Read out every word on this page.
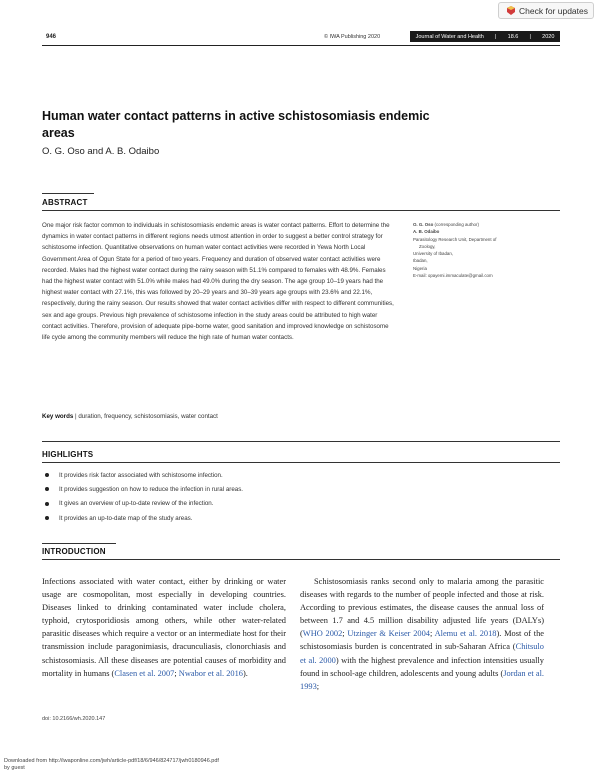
Check for updates
946	© IWA Publishing 2020	Journal of Water and Health | 18.6 | 2020
Human water contact patterns in active schistosomiasis endemic areas
O. G. Oso and A. B. Odaibo
ABSTRACT
One major risk factor common to individuals in schistosomiasis endemic areas is water contact patterns. Effort to determine the dynamics in water contact patterns in different regions needs utmost attention in order to suggest a better control strategy for schistosome infection. Quantitative observations on human water contact activities were recorded in Yewa North Local Government Area of Ogun State for a period of two years. Frequency and duration of observed water contact activities were recorded. Males had the highest water contact during the rainy season with 51.1% compared to females with 48.9%. Females had the highest water contact with 51.0% while males had 49.0% during the dry season. The age group 10–19 years had the highest water contact with 27.1%, this was followed by 20–29 years and 30–39 years age groups with 23.6% and 22.1%, respectively, during the rainy season. Our results showed that water contact activities differ with respect to different communities, sex and age groups. Previous high prevalence of schistosome infection in the study areas could be attributed to high water contact activities. Therefore, provision of adequate pipe-borne water, good sanitation and improved knowledge on schistosome life cycle among the community members will reduce the high rate of human water contacts.
Key words | duration, frequency, schistosomiasis, water contact
O. G. Oso (corresponding author)
A. B. Odaibo
Parasitology Research Unit, Department of
Zoology,
University of Ibadan,
Ibadan,
Nigeria
E-mail: opayemi.immaculate@gmail.com
HIGHLIGHTS
It provides risk factor associated with schistosome infection.
It provides suggestion on how to reduce the infection in rural areas.
It gives an overview of up-to-date review of the infection.
It provides an up-to-date map of the study areas.
INTRODUCTION
Infections associated with water contact, either by drinking or water usage are cosmopolitan, most especially in developing countries. Diseases linked to drinking contaminated water include cholera, typhoid, crytosporidiosis among others, while other water-related parasitic diseases which require a vector or an intermediate host for their transmission include paragonimiasis, dracunculiasis, clonorchiasis and schistosomiasis. All these diseases are potential causes of morbidity and mortality in humans (Clasen et al. 2007; Nwabor et al. 2016).
Schistosomiasis ranks second only to malaria among the parasitic diseases with regards to the number of people infected and those at risk. According to previous estimates, the disease causes the annual loss of between 1.7 and 4.5 million disability adjusted life years (DALYs) (WHO 2002; Utzinger & Keiser 2004; Alemu et al. 2018). Most of the schistosomiasis burden is concentrated in sub-Saharan Africa (Chitsulo et al. 2000) with the highest prevalence and infection intensities usually found in school-age children, adolescents and young adults (Jordan et al. 1993;
doi: 10.2166/wh.2020.147
Downloaded from http://iwaponline.com/jwh/article-pdf/18/6/946/824717/jwh0180946.pdf
by guest
